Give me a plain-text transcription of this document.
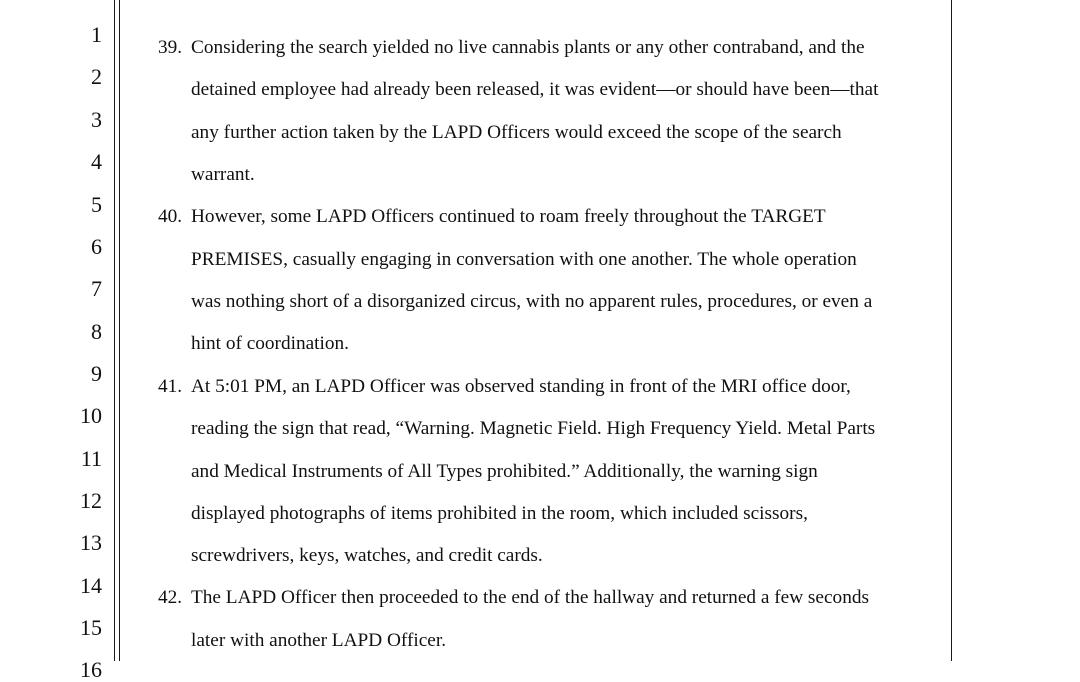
1
2
3
4
5
6
7
8
9
10
11
12
13
14
15
16
39. Considering the search yielded no live cannabis plants or any other contraband, and the
detained employee had already been released, it was evident—or should have been—that
any further action taken by the LAPD Officers would exceed the scope of the search
warrant.
40. However, some LAPD Officers continued to roam freely throughout the TARGET
PREMISES, casually engaging in conversation with one another. The whole operation
was nothing short of a disorganized circus, with no apparent rules, procedures, or even a
hint of coordination.
41. At 5:01 PM, an LAPD Officer was observed standing in front of the MRI office door,
reading the sign that read, “Warning. Magnetic Field. High Frequency Yield. Metal Parts
and Medical Instruments of All Types prohibited.” Additionally, the warning sign
displayed photographs of items prohibited in the room, which included scissors,
screwdrivers, keys, watches, and credit cards.
42. The LAPD Officer then proceeded to the end of the hallway and returned a few seconds
later with another LAPD Officer.
